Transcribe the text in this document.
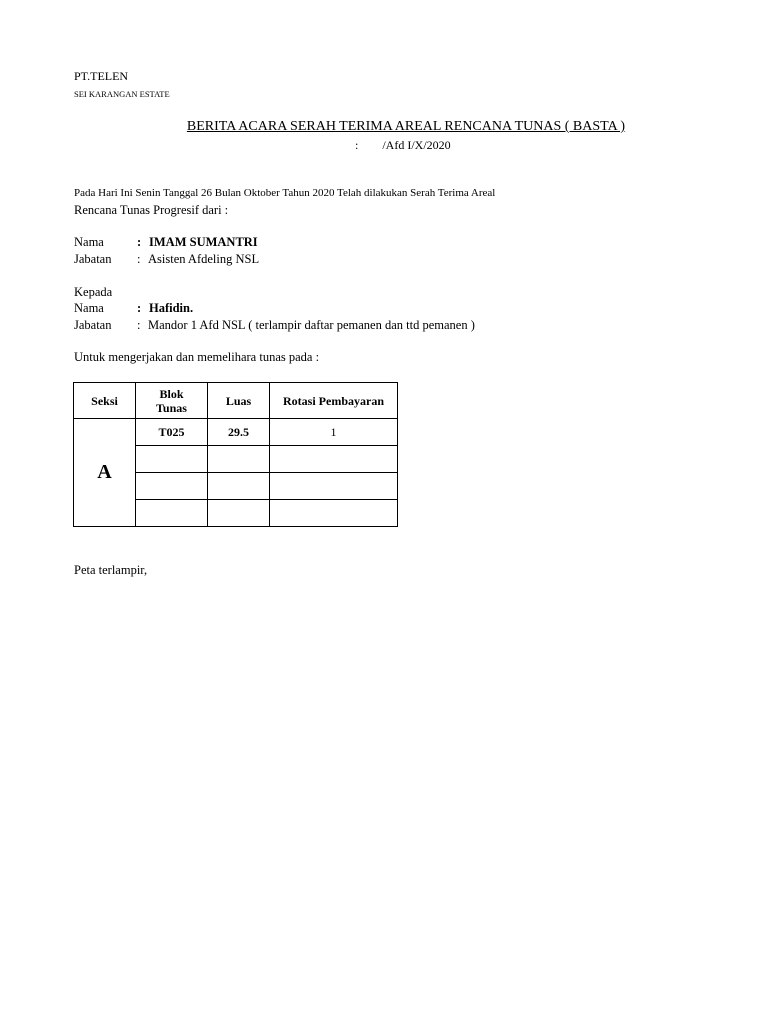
PT.TELEN
SEI KARANGAN ESTATE
BERITA ACARA SERAH TERIMA AREAL RENCANA TUNAS ( BASTA )
: /Afd I/X/2020
Pada Hari Ini Senin Tanggal 26 Bulan Oktober Tahun 2020 Telah dilakukan Serah Terima Areal
Rencana Tunas Progresif dari :
Nama	: IMAM SUMANTRI
Jabatan : Asisten Afdeling NSL
Kepada
Nama	: Hafidin.
Jabatan : Mandor 1 Afd NSL ( terlampir daftar pemanen dan ttd pemanen )
Untuk mengerjakan dan memelihara tunas pada :
Seksi	Blok Tunas	Luas	Rotasi Pembayaran
A	T025	29.5	1

Peta terlampir,
